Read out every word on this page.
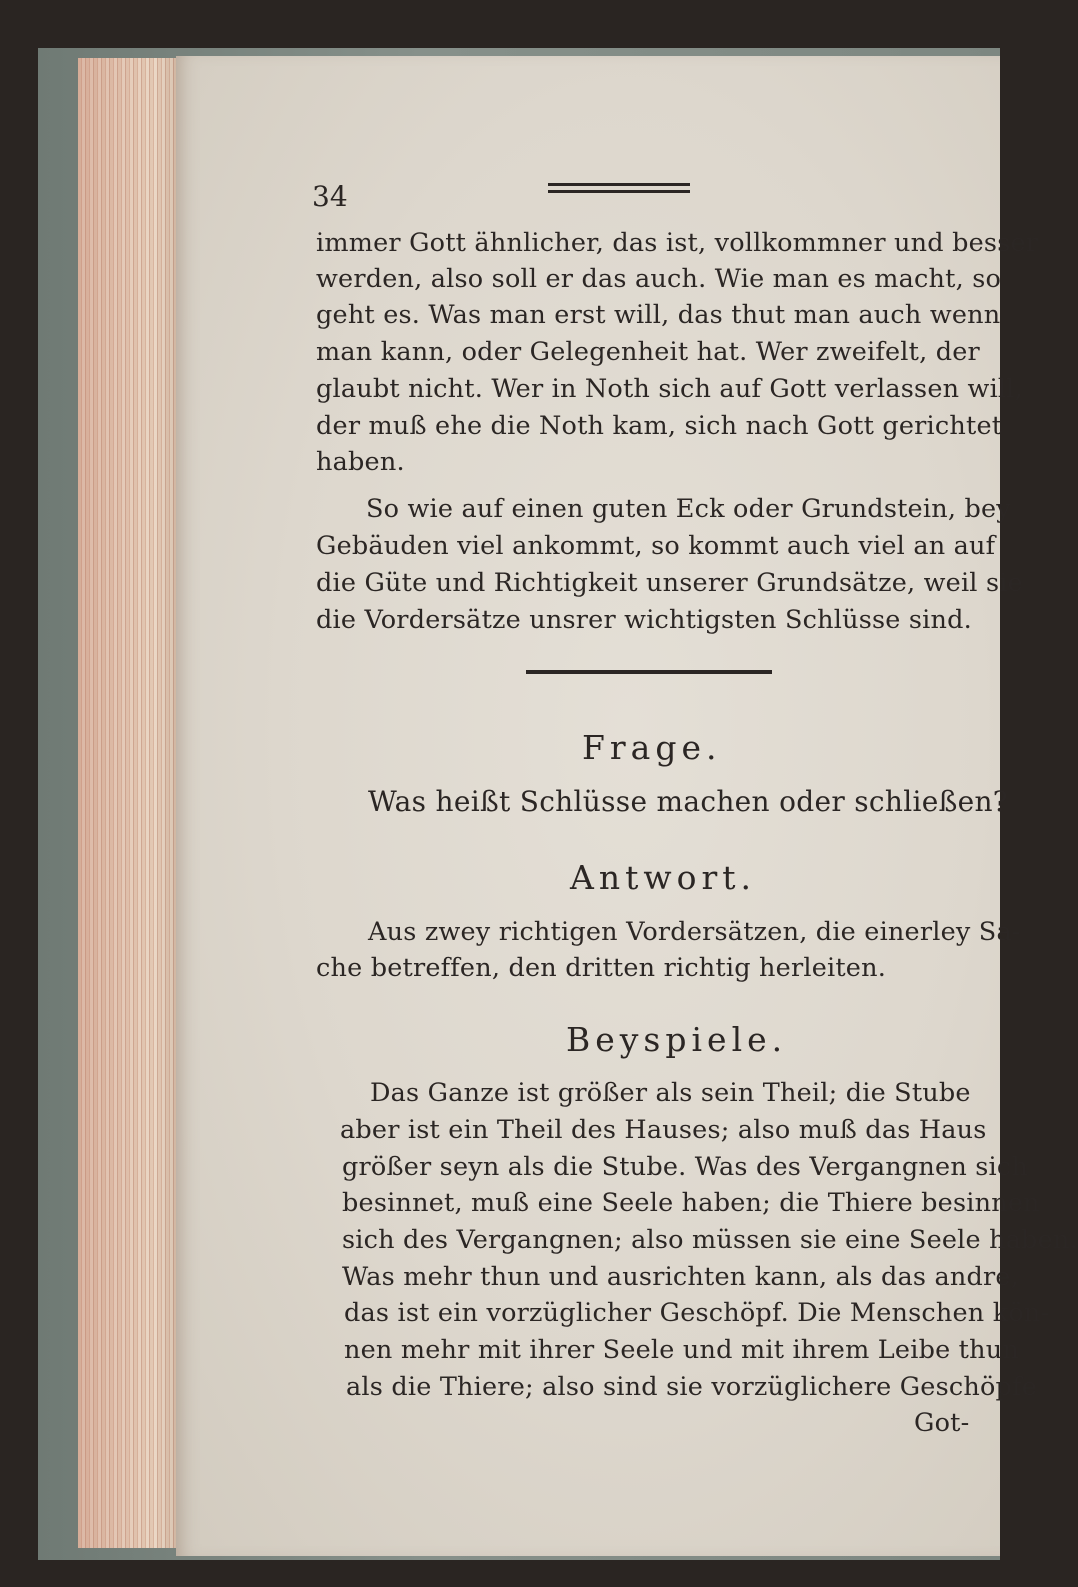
34
immer Gott ähnlicher, das ist, vollkommner und besser
werden, also soll er das auch. Wie man es macht, so
geht es. Was man erst will, das thut man auch wenn
man kann, oder Gelegenheit hat. Wer zweifelt, der
glaubt nicht. Wer in Noth sich auf Gott verlassen will,
der muß ehe die Noth kam, sich nach Gott gerichtet
haben.
So wie auf einen guten Eck oder Grundstein, bey
Gebäuden viel ankommt, so kommt auch viel an auf
die Güte und Richtigkeit unserer Grundsätze, weil sie
die Vordersätze unsrer wichtigsten Schlüsse sind.
Frage.
Was heißt Schlüsse machen oder schließen?
Antwort.
Aus zwey richtigen Vordersätzen, die einerley Sa-
che betreffen, den dritten richtig herleiten.
Beyspiele.
Das Ganze ist größer als sein Theil; die Stube
aber ist ein Theil des Hauses; also muß das Haus
größer seyn als die Stube. Was des Vergangnen sich
besinnet, muß eine Seele haben; die Thiere besinnen
sich des Vergangnen; also müssen sie eine Seele haben.
Was mehr thun und ausrichten kann, als das andre,
das ist ein vorzüglicher Geschöpf. Die Menschen kön-
nen mehr mit ihrer Seele und mit ihrem Leibe thun
als die Thiere; also sind sie vorzüglichere Geschöpfe
Got-
